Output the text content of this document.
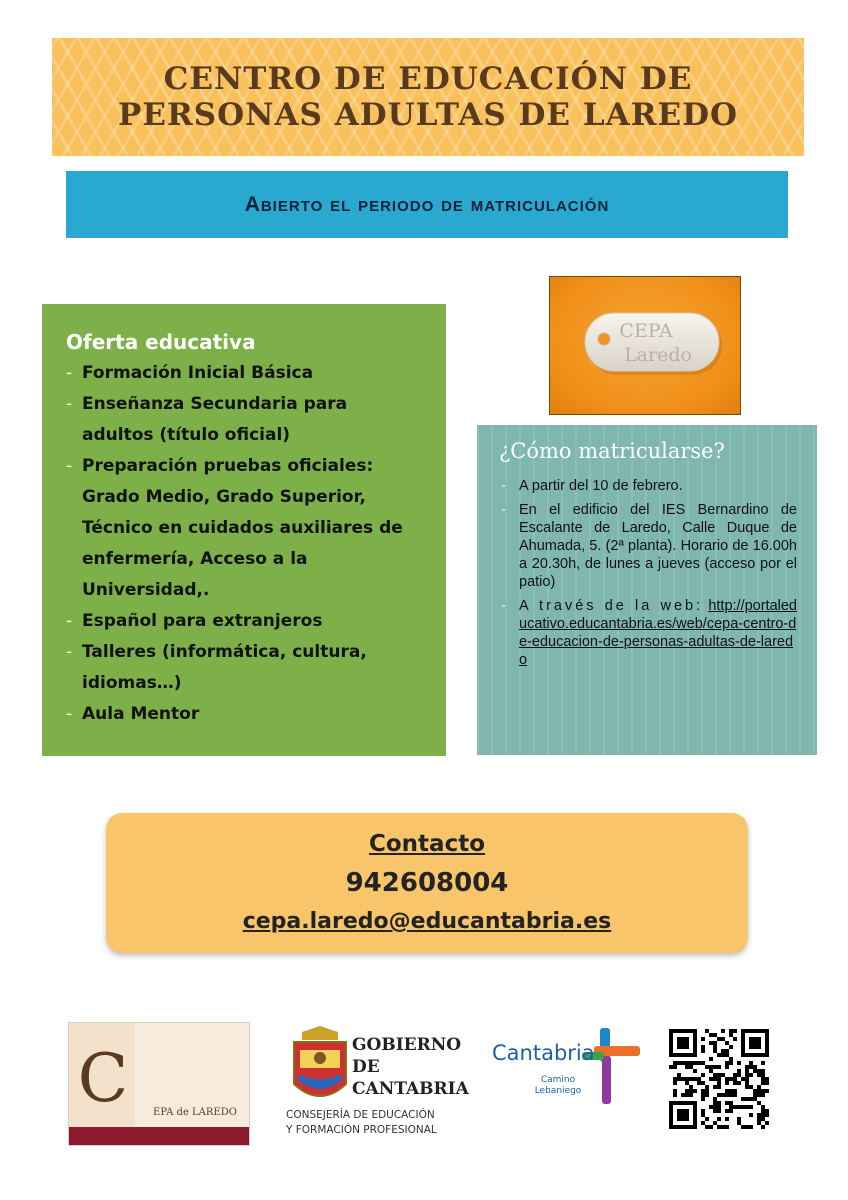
CENTRO DE EDUCACIÓN DE
PERSONAS ADULTAS DE LAREDO
Abierto el periodo de matriculación
Oferta educativa
- Formación Inicial Básica
- Enseñanza Secundaria para adultos (título oficial)
- Preparación pruebas oficiales: Grado Medio, Grado Superior, Técnico en cuidados auxiliares de enfermería, Acceso a la Universidad,.
- Español para extranjeros
- Talleres (informática, cultura, idiomas…)
- Aula Mentor
CEPA
Laredo
¿Cómo matricularse?
- A partir del 10 de febrero.
- En el edificio del IES Bernardino de Escalante de Laredo, Calle Duque de Ahumada, 5. (2ª planta). Horario de 16.00h a 20.30h, de lunes a jueves (acceso por el patio)
- A través de la web: http://portaleducativo.educantabria.es/web/cepa-centro-de-educacion-de-personas-adultas-de-laredo
Contacto
942608004
cepa.laredo@educantabria.es
C EPA de LAREDO
GOBIERNO
DE
CANTABRIA
CONSEJERÍA DE EDUCACIÓN
Y FORMACIÓN PROFESIONAL
Cantabria
Camino
Lebaniego
